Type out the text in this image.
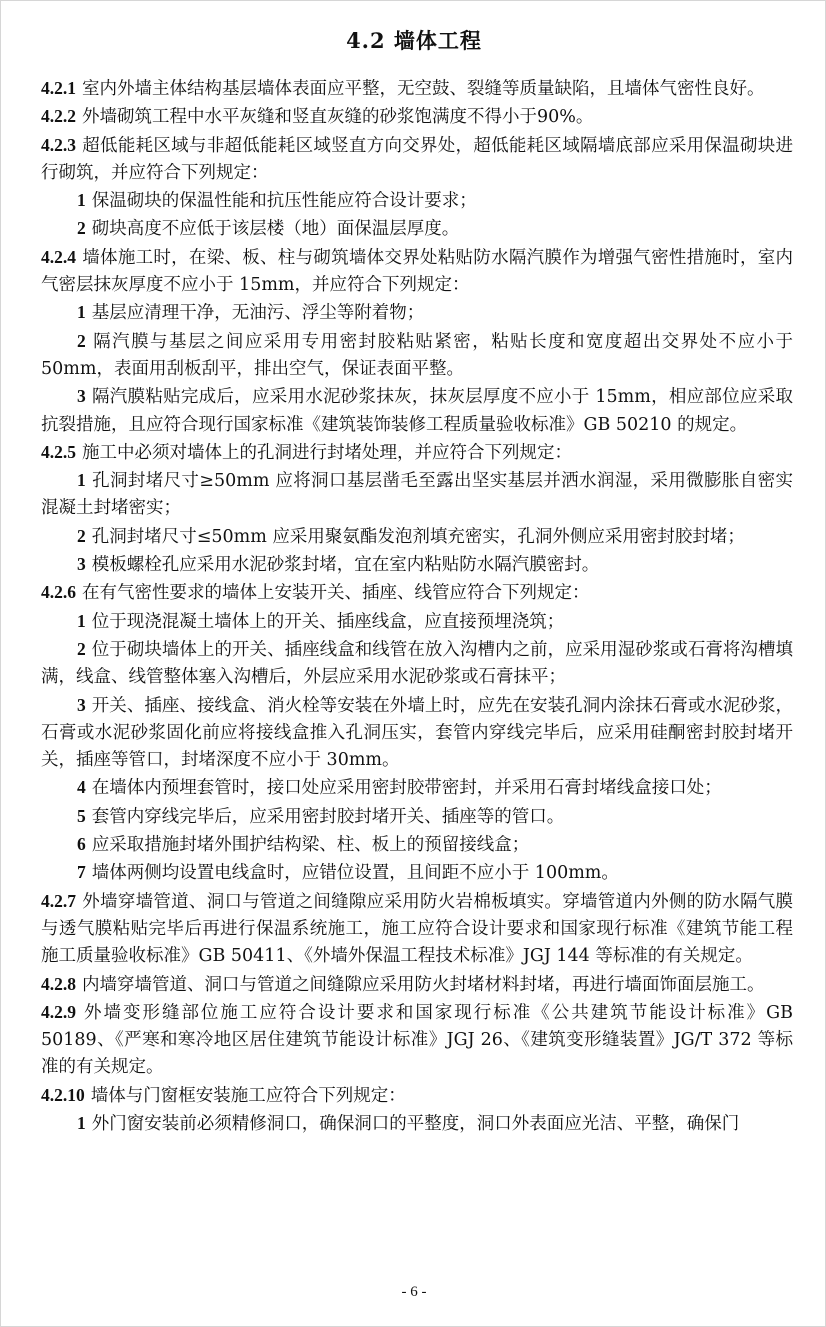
4.2 墙体工程

4.2.1 室内外墙主体结构基层墙体表面应平整，无空鼓、裂缝等质量缺陷，且墙体气密性良好。

4.2.2 外墙砌筑工程中水平灰缝和竖直灰缝的砂浆饱满度不得小于90%。

4.2.3 超低能耗区域与非超低能耗区域竖直方向交界处，超低能耗区域隔墙底部应采用保温砌块进行砌筑，并应符合下列规定：

1 保温砌块的保温性能和抗压性能应符合设计要求；

2 砌块高度不应低于该层楼（地）面保温层厚度。

4.2.4 墙体施工时，在梁、板、柱与砌筑墙体交界处粘贴防水隔汽膜作为增强气密性措施时，室内气密层抹灰厚度不应小于 15mm，并应符合下列规定：

1 基层应清理干净，无油污、浮尘等附着物；

2 隔汽膜与基层之间应采用专用密封胶粘贴紧密，粘贴长度和宽度超出交界处不应小于 50mm，表面用刮板刮平，排出空气，保证表面平整。

3 隔汽膜粘贴完成后，应采用水泥砂浆抹灰，抹灰层厚度不应小于 15mm，相应部位应采取抗裂措施，且应符合现行国家标准《建筑装饰装修工程质量验收标准》GB 50210 的规定。

4.2.5 施工中必须对墙体上的孔洞进行封堵处理，并应符合下列规定：

1 孔洞封堵尺寸≥50mm 应将洞口基层凿毛至露出坚实基层并洒水润湿，采用微膨胀自密实混凝土封堵密实；

2 孔洞封堵尺寸≤50mm 应采用聚氨酯发泡剂填充密实，孔洞外侧应采用密封胶封堵；

3 模板螺栓孔应采用水泥砂浆封堵，宜在室内粘贴防水隔汽膜密封。

4.2.6 在有气密性要求的墙体上安装开关、插座、线管应符合下列规定：

1 位于现浇混凝土墙体上的开关、插座线盒，应直接预埋浇筑；

2 位于砌块墙体上的开关、插座线盒和线管在放入沟槽内之前，应采用湿砂浆或石膏将沟槽填满，线盒、线管整体塞入沟槽后，外层应采用水泥砂浆或石膏抹平；

3 开关、插座、接线盒、消火栓等安装在外墙上时，应先在安装孔洞内涂抹石膏或水泥砂浆，石膏或水泥砂浆固化前应将接线盒推入孔洞压实，套管内穿线完毕后，应采用硅酮密封胶封堵开关，插座等管口，封堵深度不应小于 30mm。

4 在墙体内预埋套管时，接口处应采用密封胶带密封，并采用石膏封堵线盒接口处；

5 套管内穿线完毕后，应采用密封胶封堵开关、插座等的管口。

6 应采取措施封堵外围护结构梁、柱、板上的预留接线盒；

7 墙体两侧均设置电线盒时，应错位设置，且间距不应小于 100mm。

4.2.7 外墙穿墙管道、洞口与管道之间缝隙应采用防火岩棉板填实。穿墙管道内外侧的防水隔气膜与透气膜粘贴完毕后再进行保温系统施工，施工应符合设计要求和国家现行标准《建筑节能工程施工质量验收标准》GB 50411、《外墙外保温工程技术标准》JGJ 144 等标准的有关规定。

4.2.8 内墙穿墙管道、洞口与管道之间缝隙应采用防火封堵材料封堵，再进行墙面饰面层施工。

4.2.9 外墙变形缝部位施工应符合设计要求和国家现行标准《公共建筑节能设计标准》GB 50189、《严寒和寒冷地区居住建筑节能设计标准》JGJ 26、《建筑变形缝装置》JG/T 372 等标准的有关规定。

4.2.10 墙体与门窗框安装施工应符合下列规定：

1 外门窗安装前必须精修洞口，确保洞口的平整度，洞口外表面应光洁、平整，确保门

- 6 -
